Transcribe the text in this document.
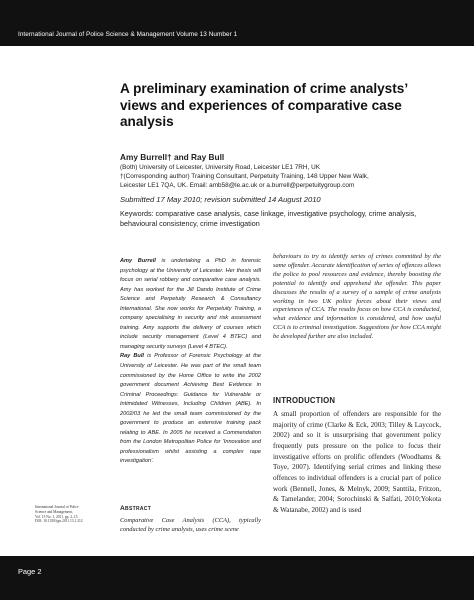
International Journal of Police Science & Management Volume 13 Number 1
A preliminary examination of crime analysts’ views and experiences of comparative case analysis
Amy Burrell† and Ray Bull
(Both) University of Leicester, University Road, Leicester LE1 7RH, UK
†(Corresponding author) Training Consultant, Perpetuity Training, 148 Upper New Walk,
Leicester LE1 7QA, UK. Email: amb58@le.ac.uk or a.burrell@perpetuitygroup.com
Submitted 17 May 2010; revision submitted 14 August 2010
Keywords: comparative case analysis, case linkage, investigative psychology, crime analysis, behavioural consistency, crime investigation

Amy Burrell is undertaking a PhD in forensic psychology at the University of Leicester. Her thesis will focus on serial robbery and comparative case analysis. Amy has worked for the Jill Dando Institute of Crime Science and Perpetuity Research & Consultancy International. She now works for Perpetuity Training, a company specialising in security and risk assessment training. Amy supports the delivery of courses which include security management (Level 4 BTEC) and managing security surveys (Level 4 BTEC).

Ray Bull is Professor of Forensic Psychology at the University of Leicester. He was part of the small team commissioned by the Home Office to write the 2002 government document Achieving Best Evidence in Criminal Proceedings: Guidance for Vulnerable or Intimidated Witnesses, Including Children (ABE). In 2002/03 he led the small team commissioned by the government to produce an extensive training pack relating to ABE. In 2005 he received a Commendation from the London Metropolitan Police for ‘Innovation and professionalism whilst assisting a complex rape investigation’.

behaviours to try to identify series of crimes committed by the same offender. Accurate identification of series of offences allows the police to pool resources and evidence, thereby boosting the potential to identify and apprehend the offender. This paper discusses the results of a survey of a sample of crime analysts working in two UK police forces about their views and experiences of CCA. The results focus on how CCA is conducted, what evidence and information is considered, and how useful CCA is to criminal investigation. Suggestions for how CCA might be developed further are also included.
INTRODUCTION
A small proportion of offenders are responsible for the majority of crime (Clarke & Eck, 2003; Tilley & Laycock, 2002) and so it is unsurprising that government policy frequently puts pressure on the police to focus their investigative efforts on prolific offenders (Woodhams & Toye, 2007). Identifying serial crimes and linking these offences to individual offenders is a crucial part of police work (Bennell, Jones, & Melnyk, 2009; Santtila, Fritzon, & Tamelander, 2004; Sorochinski & Salfati, 2010;Yokota & Watanabe, 2002) and is used
International Journal of Police
Science and Management,
Vol. 13 No. 1, 2011, pp. 2–15.
DOI: 10.1350/ijps.2011.13.1.212
Abstract
Comparative Case Analysis (CCA), typically conducted by crime analysts, uses crime scene
Page 2
